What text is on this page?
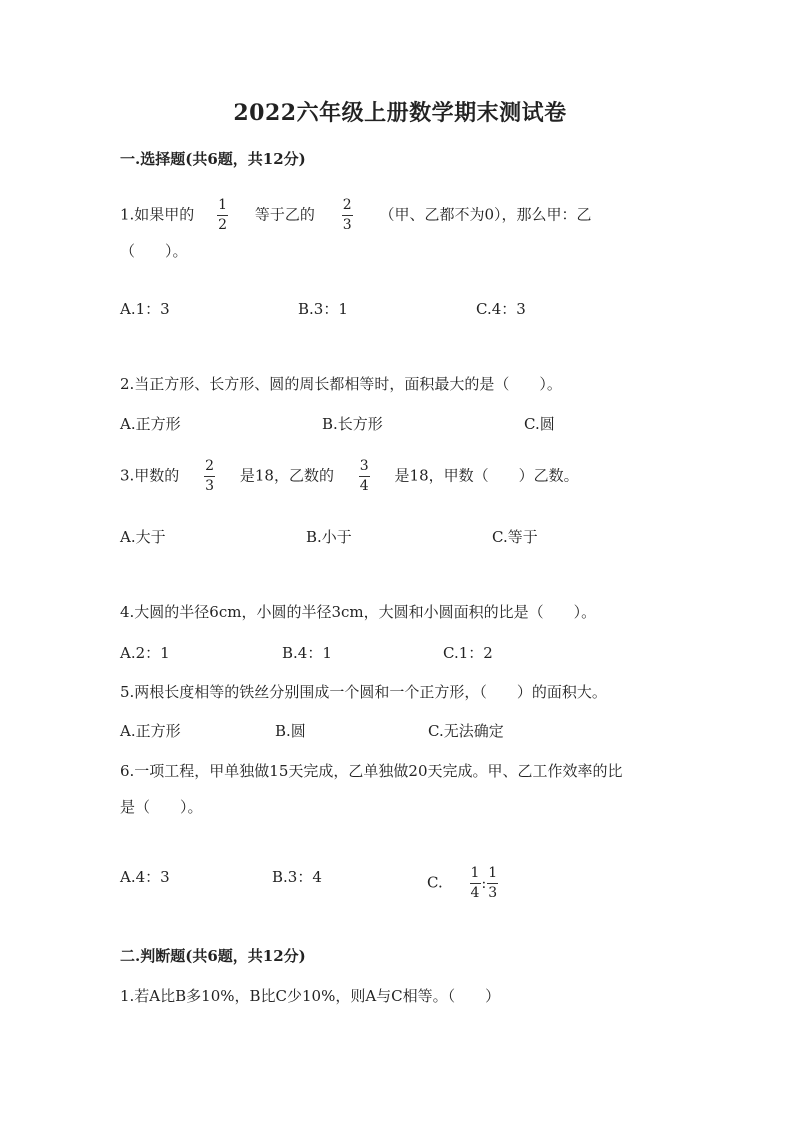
2022六年级上册数学期末测试卷
一.选择题(共6题，共12分)
1.如果甲的 $\frac{1}{2}$ 等于乙的 $\frac{2}{3}$ （甲、乙都不为0），那么甲：乙
（　　）。
A.1：3	B.3：1	C.4：3
2.当正方形、长方形、圆的周长都相等时，面积最大的是（　　）。
A.正方形	B.长方形	C.圆
3.甲数的 $\frac{2}{3}$ 是18，乙数的 $\frac{3}{4}$ 是18，甲数（　　）乙数。
A.大于	B.小于	C.等于
4.大圆的半径6cm，小圆的半径3cm，大圆和小圆面积的比是（　　）。
A.2：1	B.4：1	C.1：2
5.两根长度相等的铁丝分别围成一个圆和一个正方形，（　　）的面积大。
A.正方形	B.圆	C.无法确定
6.一项工程，甲单独做15天完成，乙单独做20天完成。甲、乙工作效率的比
是（　　）。
A.4：3	B.3：4	C. $\frac{1}{4}$ : $\frac{1}{3}$
二.判断题(共6题，共12分)
1.若A比B多10%，B比C少10%，则A与C相等。（　　）
